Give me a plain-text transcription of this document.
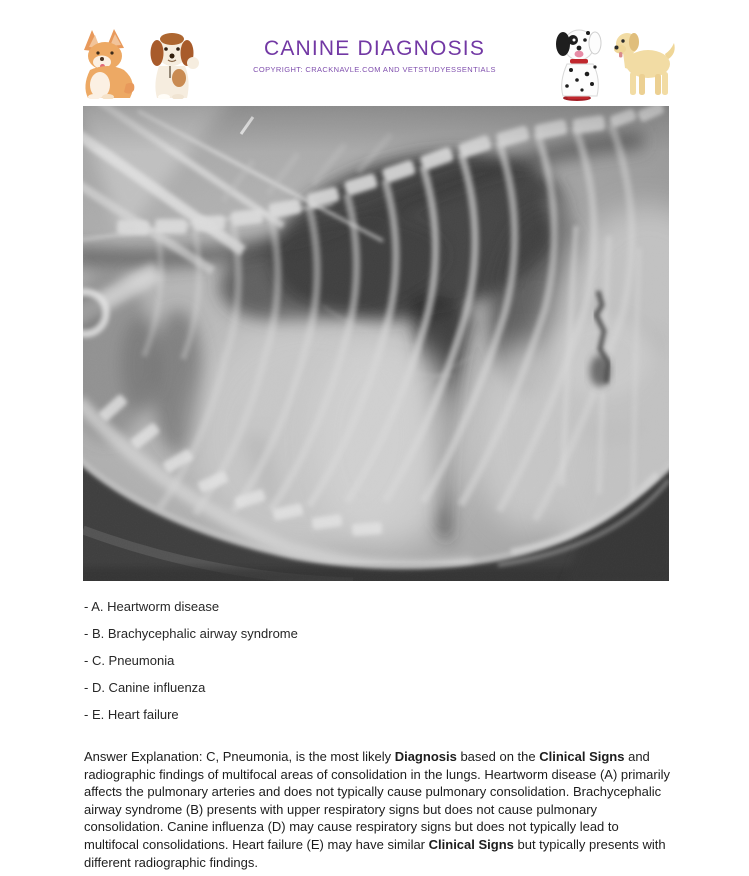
CANINE DIAGNOSIS
COPYRIGHT: CRACKNAVLE.COM AND VETSTUDYESSENTIALS
- A. Heartworm disease
- B. Brachycephalic airway syndrome
- C. Pneumonia
- D. Canine influenza
- E. Heart failure

Answer Explanation: C, Pneumonia, is the most likely Diagnosis based on the Clinical Signs and radiographic findings of multifocal areas of consolidation in the lungs. Heartworm disease (A) primarily affects the pulmonary arteries and does not typically cause pulmonary consolidation. Brachycephalic airway syndrome (B) presents with upper respiratory signs but does not cause pulmonary consolidation. Canine influenza (D) may cause respiratory signs but does not typically lead to multifocal consolidations. Heart failure (E) may have similar Clinical Signs but typically presents with different radiographic findings.
